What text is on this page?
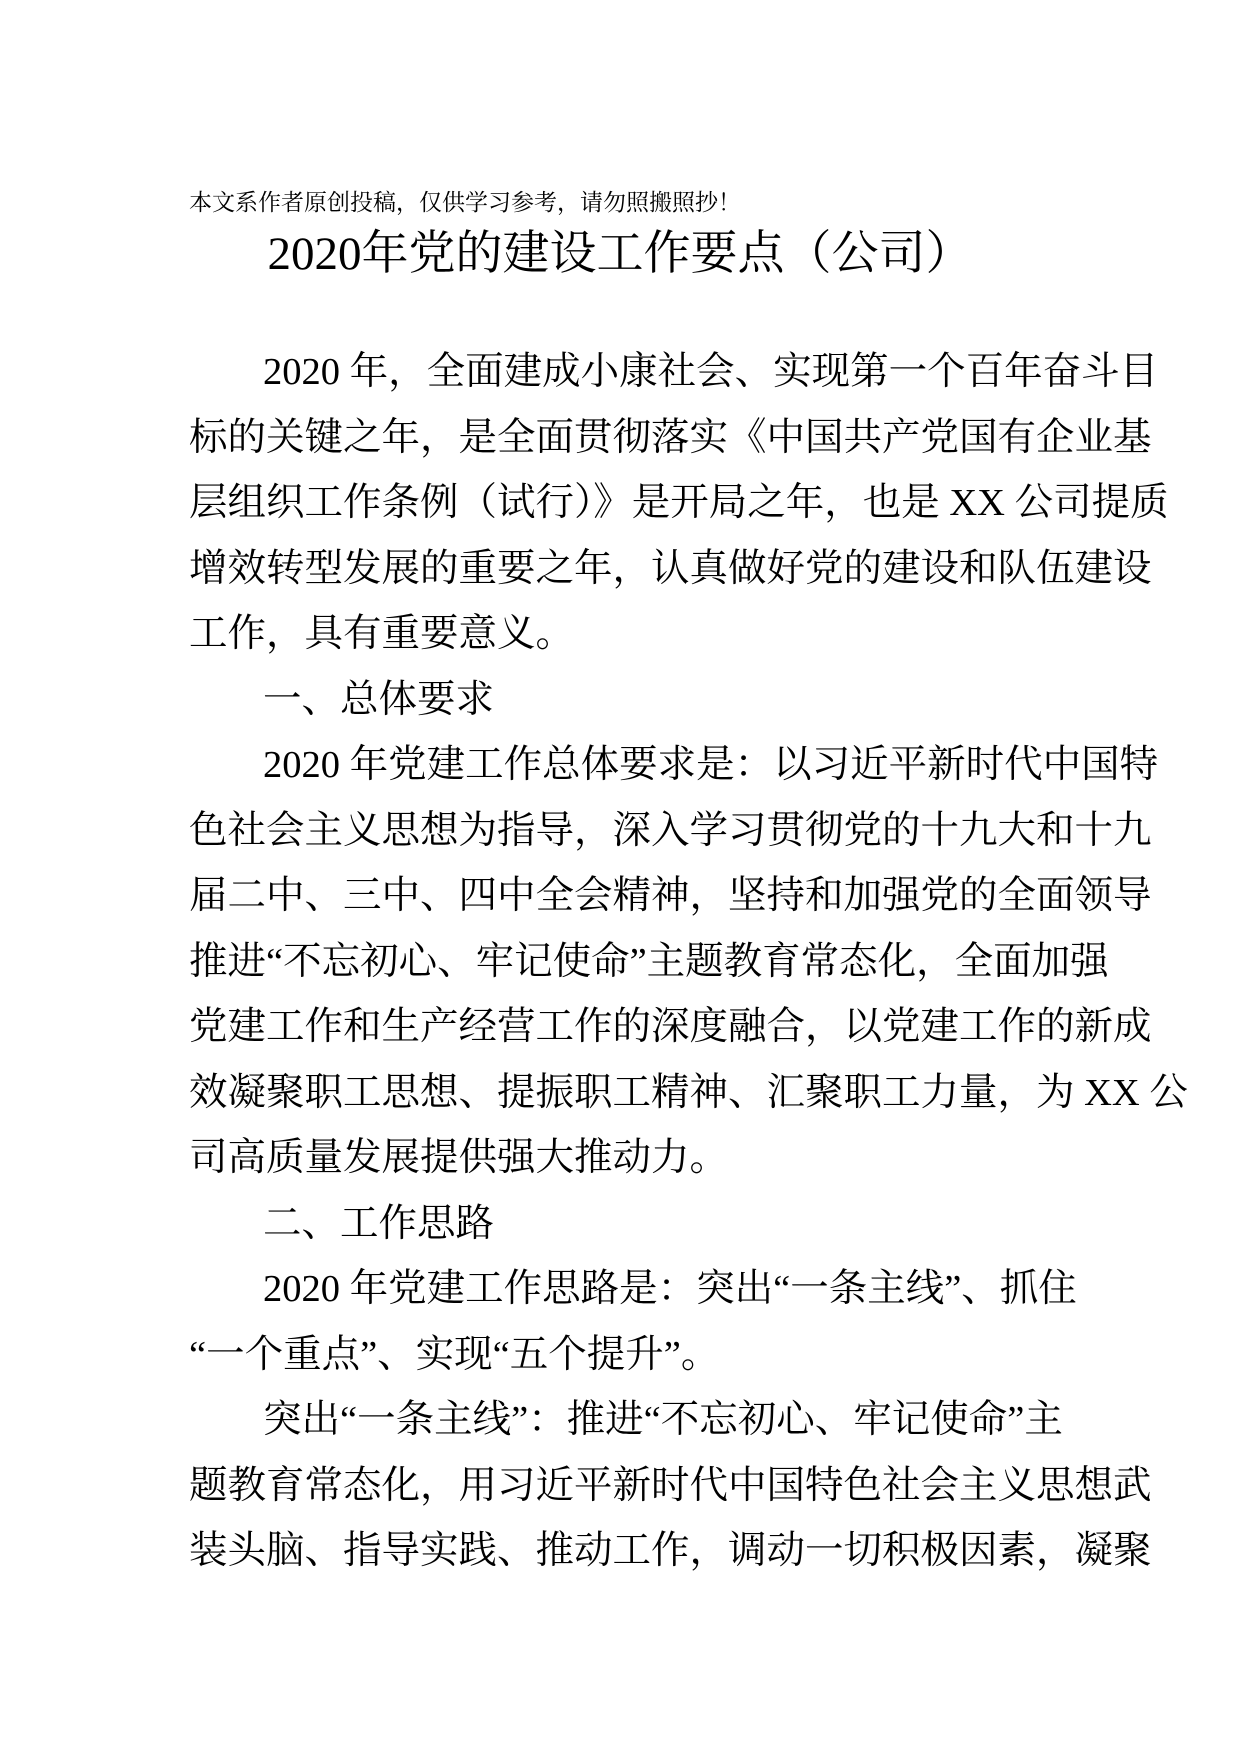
本文系作者原创投稿，仅供学习参考，请勿照搬照抄！
2020年党的建设工作要点（公司）
2020 年，全面建成小康社会、实现第一个百年奋斗目
标的关键之年，是全面贯彻落实《中国共产党国有企业基
层组织工作条例（试行）》是开局之年，也是 XX 公司提质
增效转型发展的重要之年，认真做好党的建设和队伍建设
工作，具有重要意义。
一、总体要求
2020 年党建工作总体要求是：以习近平新时代中国特
色社会主义思想为指导，深入学习贯彻党的十九大和十九
届二中、三中、四中全会精神，坚持和加强党的全面领导
推进“不忘初心、牢记使命”主题教育常态化，全面加强
党建工作和生产经营工作的深度融合，以党建工作的新成
效凝聚职工思想、提振职工精神、汇聚职工力量，为 XX 公
司高质量发展提供强大推动力。
二、工作思路
2020 年党建工作思路是：突出“一条主线”、抓住
“一个重点”、实现“五个提升”。
突出“一条主线”：推进“不忘初心、牢记使命”主
题教育常态化，用习近平新时代中国特色社会主义思想武
装头脑、指导实践、推动工作，调动一切积极因素，凝聚
